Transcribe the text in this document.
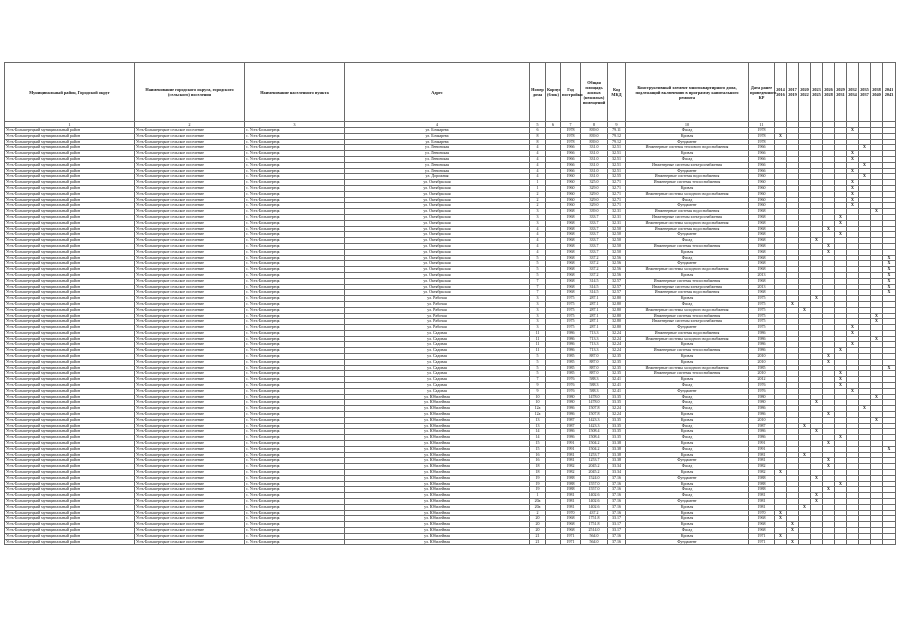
Муниципальный район, Городской округ	Наименование городского округа, городского (сельского) поселения	Наименование населенного пункта	Адрес	Номер дома	Корпус (блок)	Год постройки	Общая площадь жилых (нежилых) помещений	Код МКД	Конструктивный элемент многоквартирного дома, подлежащий включению в программу капитального ремонта	Дата ранее проведенного КР	2014 2016	2017 2019	2020 2022	2023 2025	2026 2028	2029 2031	2032 2034	2035 2037	2038 2040	2041 2043
1	2	3	4	5	6	7	8	9	10	11										
Усть-Большерецкий муниципальный район	Усть-Большерецкое сельское поселение	с. Усть-Большерецк	ул. Бочкарева	6		1978	839.0	79.11	Фасад	1978							X			
Усть-Большерецкий муниципальный район	Усть-Большерецкое сельское поселение	с. Усть-Большерецк	ул. Бочкарева	8		1978	839.0	79.12	Кровля	1978	X									
Усть-Большерецкий муниципальный район	Усть-Большерецкое сельское поселение	с. Усть-Большерецк	ул. Бочкарева	8		1978	839.0	79.12	Фундамент	1978										
Усть-Большерецкий муниципальный район	Усть-Большерецкое сельское поселение	с. Усть-Большерецк	ул. Ленинская	4		1966	331.0	32.51	Инженерные системы теплового водоснабжения	1966								X		
Усть-Большерецкий муниципальный район	Усть-Большерецкое сельское поселение	с. Усть-Большерецк	ул. Ленинская	4		1966	331.0	32.51	Кровля	1966							X			
Усть-Большерецкий муниципальный район	Усть-Большерецкое сельское поселение	с. Усть-Большерецк	ул. Ленинская	4		1966	331.0	32.51	Фасад	1966							X			
Усть-Большерецкий муниципальный район	Усть-Большерецкое сельское поселение	с. Усть-Большерецк	ул. Ленинская	4		1966	331.0	32.51	Инженерные системы электроснабжения	1966								X		
Усть-Большерецкий муниципальный район	Усть-Большерецкое сельское поселение	с. Усть-Большерецк	ул. Ленинская	4		1966	331.0	32.51	Фундамент	1966							X			
Усть-Большерецкий муниципальный район	Усть-Большерецкое сельское поселение	с. Усть-Большерецк	ул. Дорожная	4		1960	331.0	32.55	Инженерные системы водоснабжения	1960								X		
Усть-Большерецкий муниципальный район	Усть-Большерецкое сельское поселение	с. Усть-Большерецк	ул. Октябрьская	1		1960	325.0	32.71	Инженерные системы теплоснабжения	1960							X			
Усть-Большерецкий муниципальный район	Усть-Большерецкое сельское поселение	с. Усть-Большерецк	ул. Октябрьская	1		1960	329.0	32.71	Кровля	1960							X			
Усть-Большерецкий муниципальный район	Усть-Большерецкое сельское поселение	с. Усть-Большерецк	ул. Октябрьская	2		1960	329.0	32.71	Инженерные системы холодного водоснабжения	1960							X			
Усть-Большерецкий муниципальный район	Усть-Большерецкое сельское поселение	с. Усть-Большерецк	ул. Октябрьская	2		1960	329.0	32.71	Фасад	1960							X			
Усть-Большерецкий муниципальный район	Усть-Большерецкое сельское поселение	с. Усть-Большерецк	ул. Октябрьская	2		1960	329.0	32.71	Фундамент	1960							X			
Усть-Большерецкий муниципальный район	Усть-Большерецкое сельское поселение	с. Усть-Большерецк	ул. Октябрьская	3		1968	339.0	32.31	Инженерные системы водоснабжения	1968									X	
Усть-Большерецкий муниципальный район	Усть-Большерецкое сельское поселение	с. Усть-Большерецк	ул. Октябрьская	3		1968	333.7	32.31	Инженерные системы электроснабжения	1968						X				
Усть-Большерецкий муниципальный район	Усть-Большерецкое сельское поселение	с. Усть-Большерецк	ул. Октябрьская	3		1968	333.7	32.31	Инженерные системы холодного водоснабжения	1968						X				
Усть-Большерецкий муниципальный район	Усть-Большерецкое сельское поселение	с. Усть-Большерецк	ул. Октябрьская	4		1968	333.7	32.50	Инженерные системы водоснабжения	1968					X					
Усть-Большерецкий муниципальный район	Усть-Большерецкое сельское поселение	с. Усть-Большерецк	ул. Октябрьская	4		1968	333.7	32.50	Фундамент	1968						X				
Усть-Большерецкий муниципальный район	Усть-Большерецкое сельское поселение	с. Усть-Большерецк	ул. Октябрьская	4		1968	333.7	32.50	Фасад	1968				X						
Усть-Большерецкий муниципальный район	Усть-Большерецкое сельское поселение	с. Усть-Большерецк	ул. Октябрьская	4		1968	333.7	32.50	Инженерные системы теплоснабжения	1968					X					
Усть-Большерецкий муниципальный район	Усть-Большерецкое сельское поселение	с. Усть-Большерецк	ул. Октябрьская	4		1968	333.7	32.50	Кровля	1968					X					
Усть-Большерецкий муниципальный район	Усть-Большерецкое сельское поселение	с. Усть-Большерецк	ул. Октябрьская	5		1968	337.2	32.56	Фасад	1968										X
Усть-Большерецкий муниципальный район	Усть-Большерецкое сельское поселение	с. Усть-Большерецк	ул. Октябрьская	5		1968	337.2	32.56	Фундамент	1968										X
Усть-Большерецкий муниципальный район	Усть-Большерецкое сельское поселение	с. Усть-Большерецк	ул. Октябрьская	5		1968	337.2	32.56	Инженерные системы холодного водоснабжения	1968										X
Усть-Большерецкий муниципальный район	Усть-Большерецкое сельское поселение	с. Усть-Большерецк	ул. Октябрьская	5		1968	337.2	32.56	Кровля	2013										X
Усть-Большерецкий муниципальный район	Усть-Большерецкое сельское поселение	с. Усть-Большерецк	ул. Октябрьская	7		1968	314.5	32.57	Инженерные системы теплоснабжения	1968										X
Усть-Большерецкий муниципальный район	Усть-Большерецкое сельское поселение	с. Усть-Большерецк	ул. Октябрьская	7		1968	314.5	32.57	Инженерные системы электроснабжения	2013										X
Усть-Большерецкий муниципальный район	Усть-Большерецкое сельское поселение	с. Усть-Большерецк	ул. Октябрьская	7		1968	314.5	32.57	Инженерные системы водоснабжения	1968										X
Усть-Большерецкий муниципальный район	Усть-Большерецкое сельское поселение	с. Усть-Большерецк	ул. Рабочая	3		1975	287.1	32.80	Кровля	1975				X						
Усть-Большерецкий муниципальный район	Усть-Большерецкое сельское поселение	с. Усть-Большерецк	ул. Рабочая	3		1975	287.1	32.80	Фасад	1975		X								
Усть-Большерецкий муниципальный район	Усть-Большерецкое сельское поселение	с. Усть-Большерецк	ул. Рабочая	3		1975	287.1	32.80	Инженерные системы холодного водоснабжения	1975			X							
Усть-Большерецкий муниципальный район	Усть-Большерецкое сельское поселение	с. Усть-Большерецк	ул. Рабочая	3		1975	287.1	32.80	Инженерные системы теплоснабжения	1975									X	
Усть-Большерецкий муниципальный район	Усть-Большерецкое сельское поселение	с. Усть-Большерецк	ул. Рабочая	3		1975	287.1	32.80	Инженерные системы электроснабжения	1975									X	
Усть-Большерецкий муниципальный район	Усть-Большерецкое сельское поселение	с. Усть-Большерецк	ул. Рабочая	3		1975	287.1	32.80	Фундамент	1975							X			
Усть-Большерецкий муниципальный район	Усть-Большерецкое сельское поселение	с. Усть-Большерецк	ул. Садовая	11		1986	713.3	32.24	Инженерные системы водоснабжения	1986							X			
Усть-Большерецкий муниципальный район	Усть-Большерецкое сельское поселение	с. Усть-Большерецк	ул. Садовая	11		1986	713.3	32.24	Инженерные системы холодного водоснабжения	1986									X	
Усть-Большерецкий муниципальный район	Усть-Большерецкое сельское поселение	с. Усть-Большерецк	ул. Садовая	11		1986	713.3	32.24	Кровля	1986							X			
Усть-Большерецкий муниципальный район	Усть-Большерецкое сельское поселение	с. Усть-Большерецк	ул. Садовая	11		1986	713.3	32.24	Инженерные системы теплоснабжения	1986						X				
Усть-Большерецкий муниципальный район	Усть-Большерецкое сельское поселение	с. Усть-Большерецк	ул. Садовая	5		1985	887.0	32.35	Кровля	2010					X					
Усть-Большерецкий муниципальный район	Усть-Большерецкое сельское поселение	с. Усть-Большерецк	ул. Садовая	5		1985	887.0	32.35	Кровля	2010					X					
Усть-Большерецкий муниципальный район	Усть-Большерецкое сельское поселение	с. Усть-Большерецк	ул. Садовая	5		1985	887.0	32.35	Инженерные системы холодного водоснабжения	1985										X
Усть-Большерецкий муниципальный район	Усть-Большерецкое сельское поселение	с. Усть-Большерецк	ул. Садовая	5		1985	887.0	32.35	Инженерные системы теплоснабжения	2010						X				
Усть-Большерецкий муниципальный район	Усть-Большерецкое сельское поселение	с. Усть-Большерецк	ул. Садовая	7		1976	588.3	32.41	Кровля	2012						X				
Усть-Большерецкий муниципальный район	Усть-Большерецкое сельское поселение	с. Усть-Большерецк	ул. Садовая	9		1976	588.3	32.41	Фасад	1976						X				
Усть-Большерецкий муниципальный район	Усть-Большерецкое сельское поселение	с. Усть-Большерецк	ул. Садовая	9		1976	588.3	32.41	Фундамент	1976							X			
Усть-Большерецкий муниципальный район	Усть-Большерецкое сельское поселение	с. Усть-Большерецк	ул. Юбилейная	10		1980	1478.0	33.35	Фасад	1980									X	
Усть-Большерецкий муниципальный район	Усть-Большерецкое сельское поселение	с. Усть-Большерецк	ул. Юбилейная	10		1980	1478.0	33.35	Фасад	1980				X						
Усть-Большерецкий муниципальный район	Усть-Большерецкое сельское поселение	с. Усть-Большерецк	ул. Юбилейная	12а		1986	1507.8	32.24	Фасад	1986								X		
Усть-Большерецкий муниципальный район	Усть-Большерецкое сельское поселение	с. Усть-Большерецк	ул. Юбилейная	12а		1986	1507.8	32.24	Кровля	1986					X					
Усть-Большерецкий муниципальный район	Усть-Большерецкое сельское поселение	с. Усть-Большерецк	ул. Юбилейная	13		1987	1423.3	33.35	Кровля	2010									X	
Усть-Большерецкий муниципальный район	Усть-Большерецкое сельское поселение	с. Усть-Большерецк	ул. Юбилейная	13		1987	1423.3	33.35	Фасад	1987			X							
Усть-Большерецкий муниципальный район	Усть-Большерецкое сельское поселение	с. Усть-Большерецк	ул. Юбилейная	14		1986	1508.4	33.35	Кровля	1986				X						
Усть-Большерецкий муниципальный район	Усть-Большерецкое сельское поселение	с. Усть-Большерецк	ул. Юбилейная	14		1986	1508.4	33.35	Фасад	1986						X				
Усть-Большерецкий муниципальный район	Усть-Большерецкое сельское поселение	с. Усть-Большерецк	ул. Юбилейная	15		1991	1504.2	33.38	Кровля	1991					X					
Усть-Большерецкий муниципальный район	Усть-Большерецкое сельское поселение	с. Усть-Большерецк	ул. Юбилейная	15		1991	1504.2	33.38	Фасад	1991										X
Усть-Большерецкий муниципальный район	Усть-Большерецкое сельское поселение	с. Усть-Большерецк	ул. Юбилейная	16		1981	1253.7	33.38	Кровля	1981			X							
Усть-Большерецкий муниципальный район	Усть-Большерецкое сельское поселение	с. Усть-Большерецк	ул. Юбилейная	16		1981	1253.7	33.38	Фундамент	1981					X					
Усть-Большерецкий муниципальный район	Усть-Большерецкое сельское поселение	с. Усть-Большерецк	ул. Юбилейная	18		1982	2045.2	33.34	Фасад	1982					X					
Усть-Большерецкий муниципальный район	Усть-Большерецкое сельское поселение	с. Усть-Большерецк	ул. Юбилейная	18		1982	2045.2	33.34	Кровля	1982	X									
Усть-Большерецкий муниципальный район	Усть-Большерецкое сельское поселение	с. Усть-Большерецк	ул. Юбилейная	19		1988	1524.0	37.16	Фундамент	1988				X						
Усть-Большерецкий муниципальный район	Усть-Большерецкое сельское поселение	с. Усть-Большерецк	ул. Юбилейная	19		1988	1557.0	37.16	Кровля	1988						X				
Усть-Большерецкий муниципальный район	Усть-Большерецкое сельское поселение	с. Усть-Большерецк	ул. Юбилейная	19		1988	1557.0	37.16	Фасад	1988					X					
Усть-Большерецкий муниципальный район	Усть-Большерецкое сельское поселение	с. Усть-Большерецк	ул. Юбилейная	1		1981	1402.6	37.16	Фасад	1981				X						
Усть-Большерецкий муниципальный район	Усть-Большерецкое сельское поселение	с. Усть-Большерецк	ул. Юбилейная	20а		1981	1402.6	37.16	Фундамент	1981				X						
Усть-Большерецкий муниципальный район	Усть-Большерецкое сельское поселение	с. Усть-Большерецк	ул. Юбилейная	20а		1981	1402.6	37.16	Кровля	1981			X							
Усть-Большерецкий муниципальный район	Усть-Большерецкое сельское поселение	с. Усть-Большерецк	ул. Юбилейная	2		1970	437.2	37.16	Кровля	1970	X									
Усть-Большерецкий муниципальный район	Усть-Большерецкое сельское поселение	с. Усть-Большерецк	ул. Юбилейная	20		1968	1751.8	33.17	Кровля	1968	X									
Усть-Большерецкий муниципальный район	Усть-Большерецкое сельское поселение	с. Усть-Большерецк	ул. Юбилейная	20		1968	1751.8	33.17	Кровля	1968		X								
Усть-Большерецкий муниципальный район	Усть-Большерецкое сельское поселение	с. Усть-Большерецк	ул. Юбилейная	20		1968	2514.0	33.17	Фасад	1968		X								
Усть-Большерецкий муниципальный район	Усть-Большерецкое сельское поселение	с. Усть-Большерецк	ул. Юбилейная	21		1971	564.0	37.16	Кровля	1971	X									
Усть-Большерецкий муниципальный район	Усть-Большерецкое сельское поселение	с. Усть-Большерецк	ул. Юбилейная	21		1971	564.0	37.16	Фундамент	1971		X								
